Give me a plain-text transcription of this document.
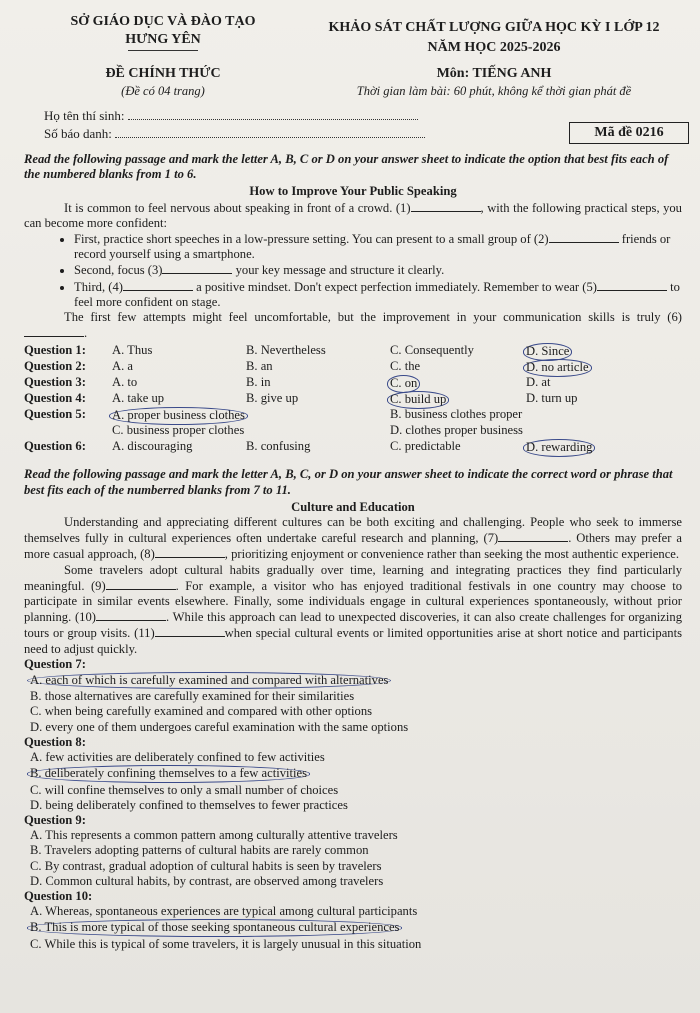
SỞ GIÁO DỤC VÀ ĐÀO TẠO
HƯNG YÊN
ĐỀ CHÍNH THỨC
(Đề có 04 trang)
KHẢO SÁT CHẤT LƯỢNG GIỮA HỌC KỲ I LỚP 12
NĂM HỌC 2025-2026
Môn: TIẾNG ANH
Thời gian làm bài: 60 phút, không kể thời gian phát đề
Họ tên thí sinh:
Số báo danh:	Mã đề 0216

Read the following passage and mark the letter A, B, C or D on your answer sheet to indicate the option that best fits each of the numbered blanks from 1 to 6.

How to Improve Your Public Speaking

It is common to feel nervous about speaking in front of a crowd. (1)	, with the following practical steps, you can become more confident:

• First, practice short speeches in a low-pressure setting. You can present to a small group of (2)	friends or record yourself using a smartphone.
• Second, focus (3)	your key message and structure it clearly.
• Third, (4)	a positive mindset. Don't expect perfection immediately. Remember to wear (5)	to feel more confident on stage.

The first few attempts might feel uncomfortable, but the improvement in your communication skills is truly (6).

Question 1: A. Thus	B. Nevertheless	C. Consequently	D. Since
Question 2: A. a	B. an	C. the	D. no article
Question 3: A. to	B. in	C. on	D. at
Question 4: A. take up	B. give up	C. build up	D. turn up
Question 5: A. proper business clothes	B. business clothes proper
C. business proper clothes	D. clothes proper business
Question 6: A. discouraging	B. confusing	C. predictable	D. rewarding

Read the following passage and mark the letter A, B, C, or D on your answer sheet to indicate the correct word or phrase that best fits each of the numberred blanks from 7 to 11.

Culture and Education

Understanding and appreciating different cultures can be both exciting and challenging. People who seek to immerse themselves fully in cultural experiences often undertake careful research and planning, (7)	. Others may prefer a more casual approach, (8)	, prioritizing enjoyment or convenience rather than seeking the most authentic experience.

Some travelers adopt cultural habits gradually over time, learning and integrating practices they find particularly meaningful. (9)	. For example, a visitor who has enjoyed traditional festivals in one country may choose to participate in similar events elsewhere. Finally, some individuals engage in cultural experiences spontaneously, without prior planning. (10)	. While this approach can lead to unexpected discoveries, it can also create challenges for organizing tours or group visits. (11)	when special cultural events or limited opportunities arise at short notice and participants need to adjust quickly.

Question 7:

A. each of which is carefully examined and compared with alternatives
B. those alternatives are carefully examined for their similarities
C. when being carefully examined and compared with other options
D. every one of them undergoes careful examination with the same options

Question 8:

A. few activities are deliberately confined to few activities
B. deliberately confining themselves to a few activities
C. will confine themselves to only a small number of choices
D. being deliberately confined to themselves to fewer practices

Question 9:

A. This represents a common pattern among culturally attentive travelers
B. Travelers adopting patterns of cultural habits are rarely common
C. By contrast, gradual adoption of cultural habits is seen by travelers
D. Common cultural habits, by contrast, are observed among travelers

Question 10:

A. Whereas, spontaneous experiences are typical among cultural participants
B. This is more typical of those seeking spontaneous cultural experiences
C. While this is typical of some travelers, it is largely unusual in this situation
